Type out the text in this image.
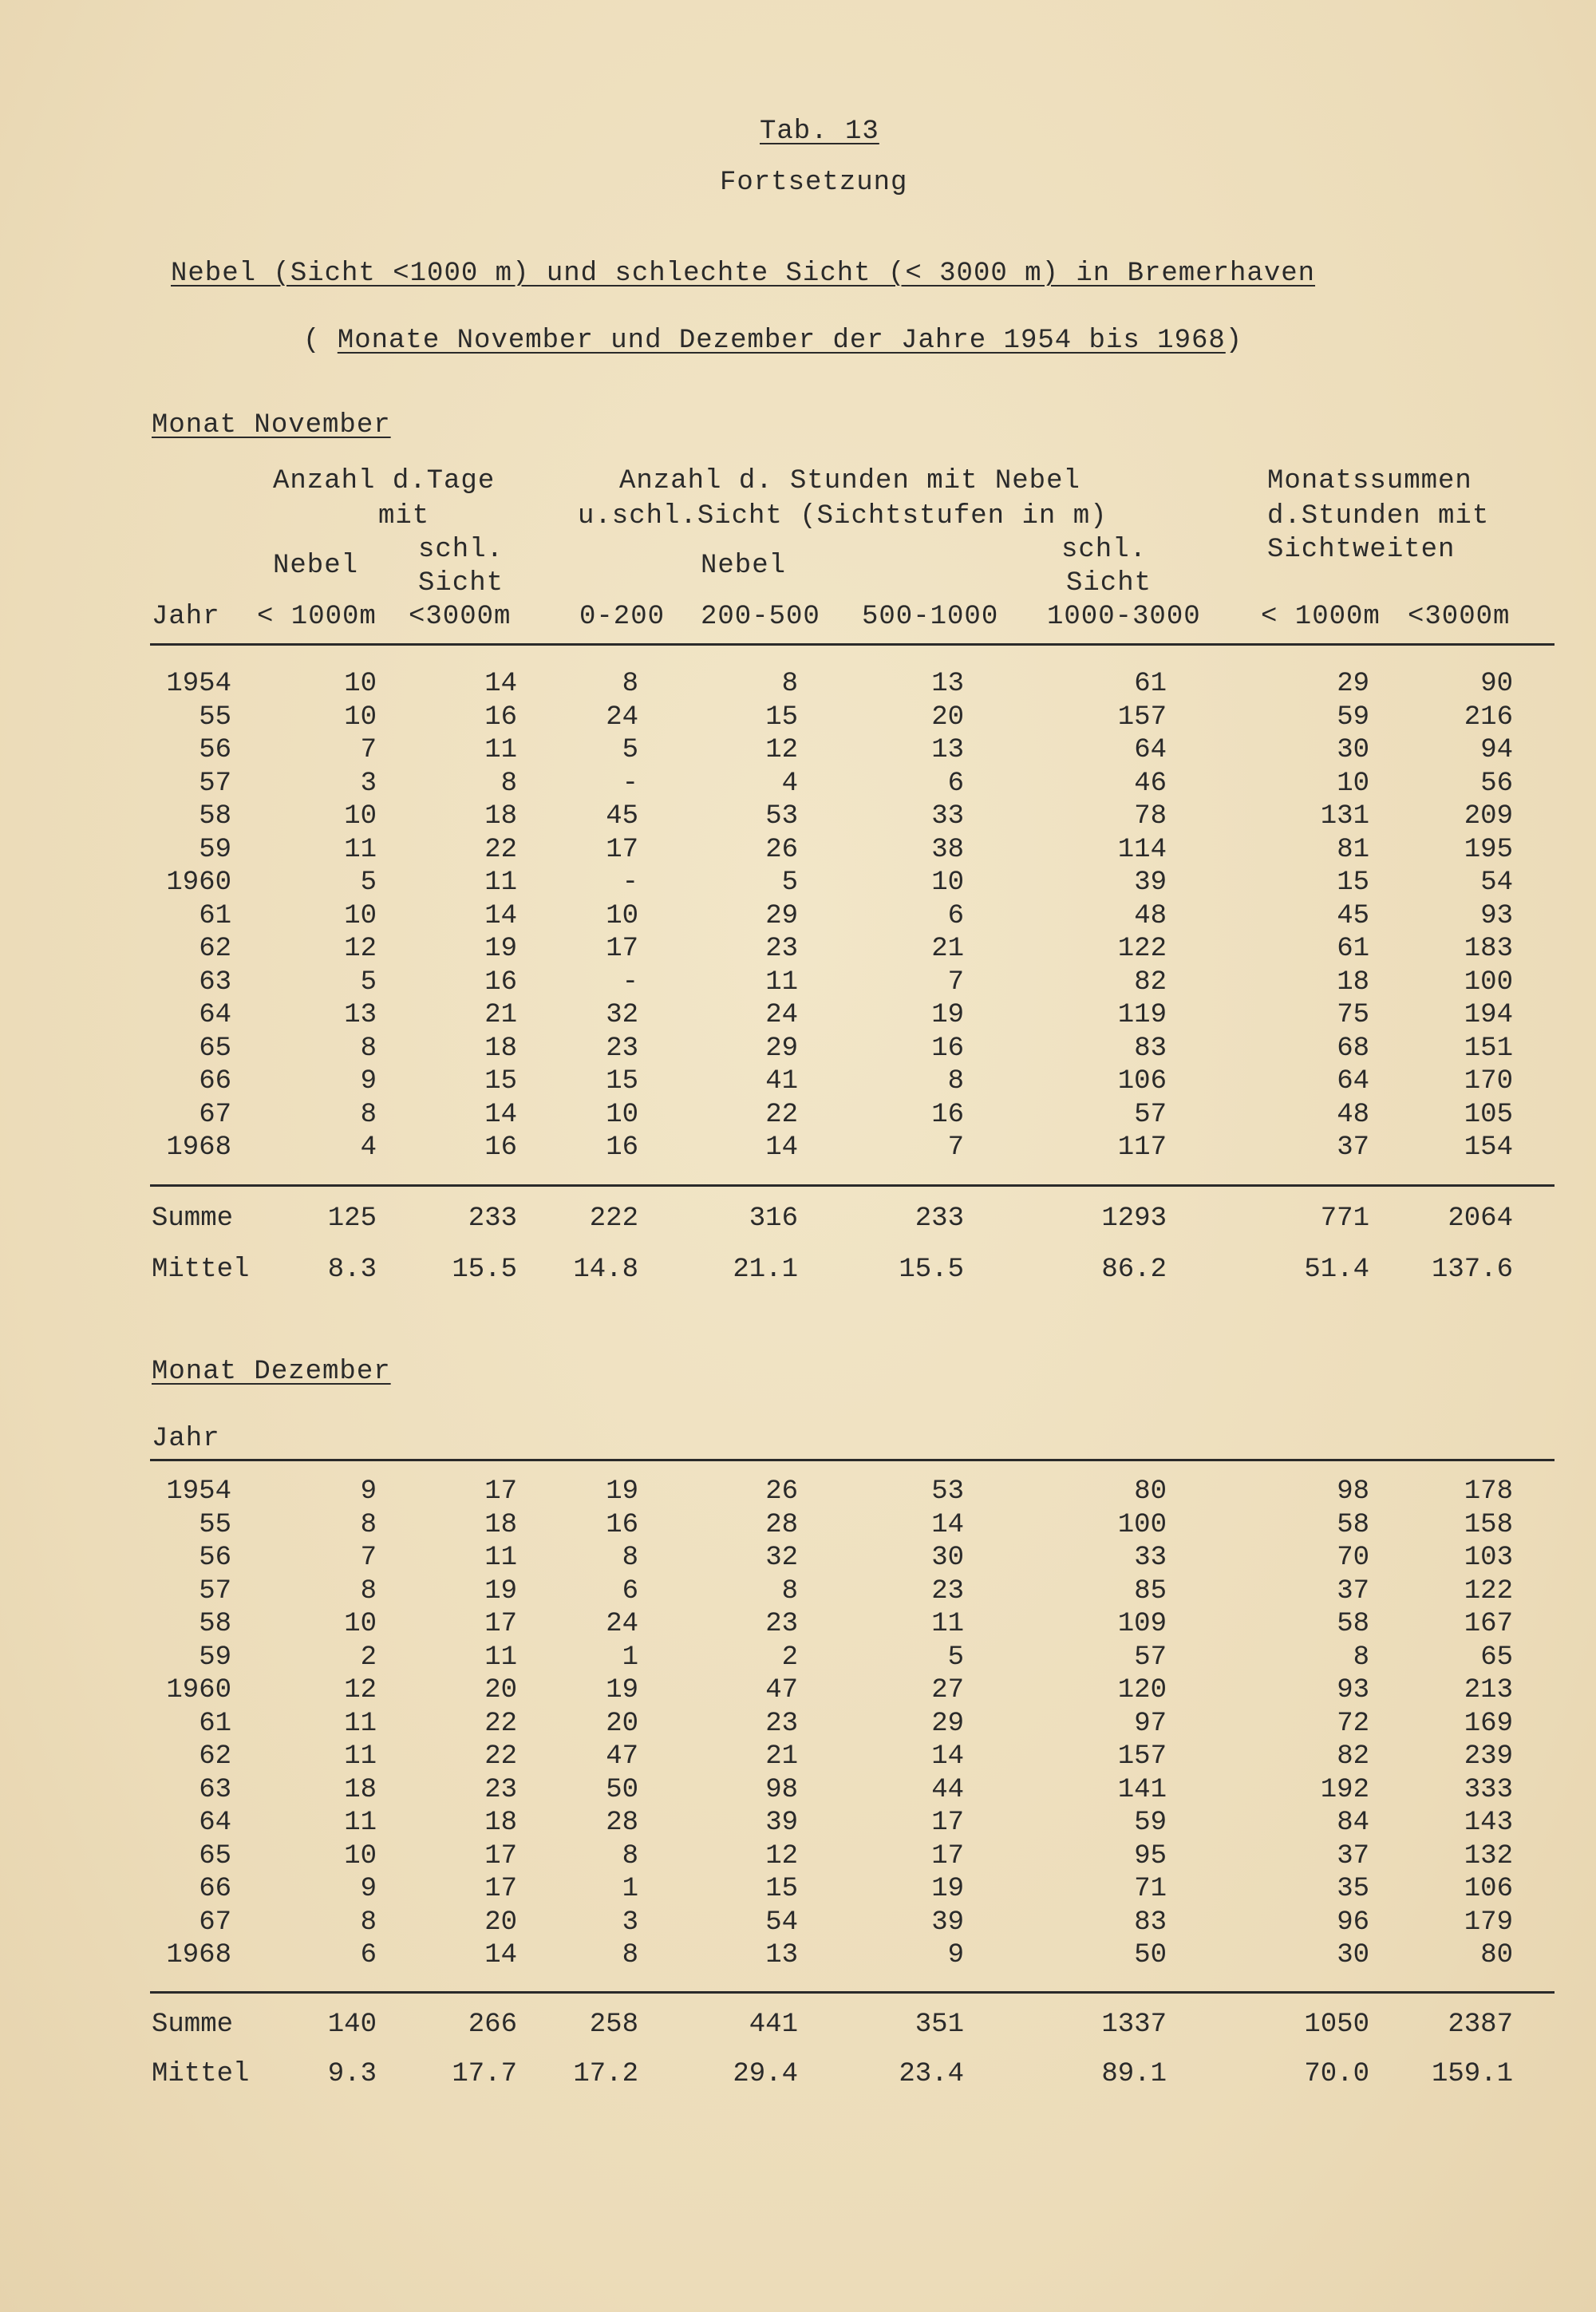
Tab. 13
Fortsetzung
Nebel (Sicht <1000 m) und schlechte Sicht (< 3000 m) in Bremerhaven
( Monate November und Dezember der Jahre 1954 bis 1968)
Monat November
Anzahl d.Tage
mit
Anzahl d. Stunden mit Nebel
u.schl.Sicht (Sichtstufen in m)
Monatssummen
d.Stunden mit
Sichtweiten
Nebel
schl.
Sicht
Nebel
schl.
Sicht
Jahr < 1000m <3000m	0-200 200-500 500-1000 1000-3000 < 1000m <3000m
1954	10	14	8	8	13	61	29	90
55	10	16	24	15	20	157	59	216
56	7	11	5	12	13	64	30	94
57	3	8	-	4	6	46	10	56
58	10	18	45	53	33	78	131	209
59	11	22	17	26	38	114	81	195
1960	5	11	-	5	10	39	15	54
61	10	14	10	29	6	48	45	93
62	12	19	17	23	21	122	61	183
63	5	16	-	11	7	82	18	100
64	13	21	32	24	19	119	75	194
65	8	18	23	29	16	83	68	151
66	9	15	15	41	8	106	64	170
67	8	14	10	22	16	57	48	105
1968	4	16	16	14	7	117	37	154
Summe	125	233	222	316	233	1293	771	2064
Mittel	8.3	15.5 14.8	21.1	15.5	86.2	51.4 137.6
Monat Dezember
Jahr
1954	9	17	19	26	53	80	98	178
55	8	18	16	28	14	100	58	158
56	7	11	8	32	30	33	70	103
57	8	19	6	8	23	85	37	122
58	10	17	24	23	11	109	58	167
59	2	11	1	2	5	57	8	65
1960	12	20	19	47	27	120	93	213
61	11	22	20	23	29	97	72	169
62	11	22	47	21	14	157	82	239
63	18	23	50	98	44	141	192	333
64	11	18	28	39	17	59	84	143
65	10	17	8	12	17	95	37	132
66	9	17	1	15	19	71	35	106
67	8	20	3	54	39	83	96	179
1968	6	14	8	13	9	50	30	80
Summe	140	266	258	441	351	1337	1050	2387
Mittel	9.3	17.7 17.2	29.4	23.4	89.1	70.0 159.1
